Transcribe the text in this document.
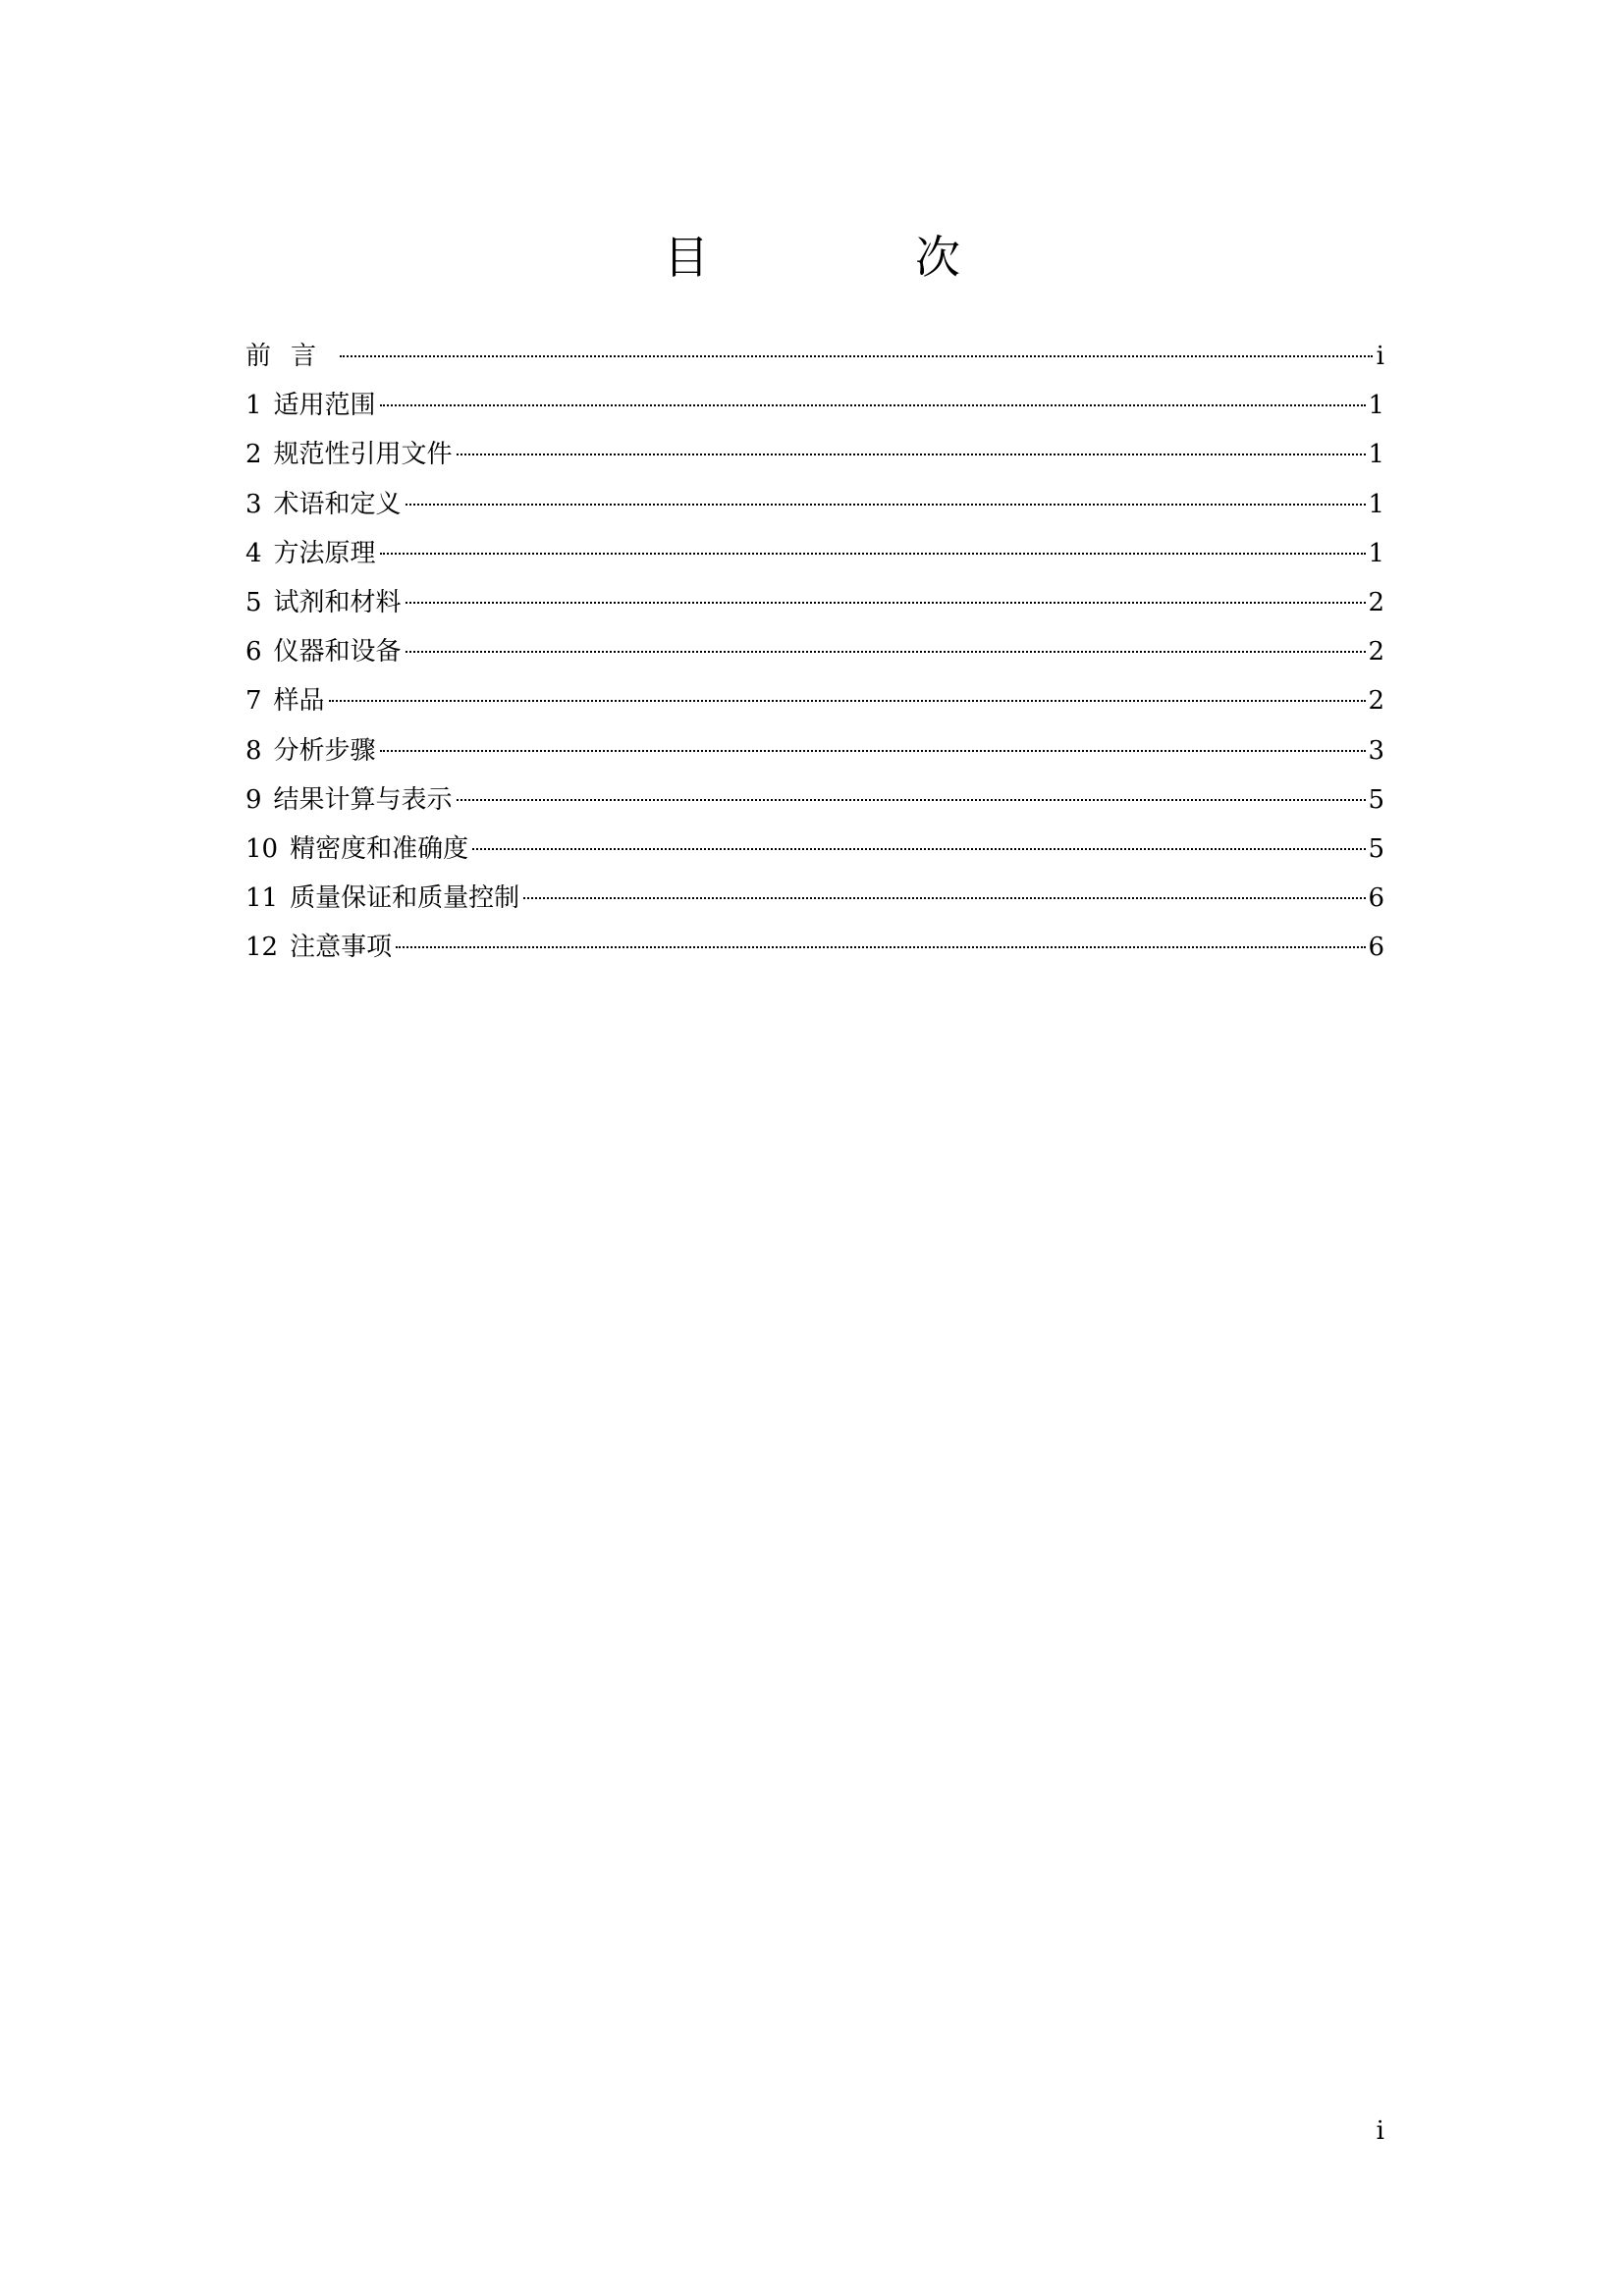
目　次
前言	i
1 适用范围	1
2 规范性引用文件	1
3 术语和定义	1
4 方法原理	1
5 试剂和材料	2
6 仪器和设备	2
7 样品	2
8 分析步骤	3
9 结果计算与表示	5
10 精密度和准确度	5
11 质量保证和质量控制	6
12 注意事项	6
i
